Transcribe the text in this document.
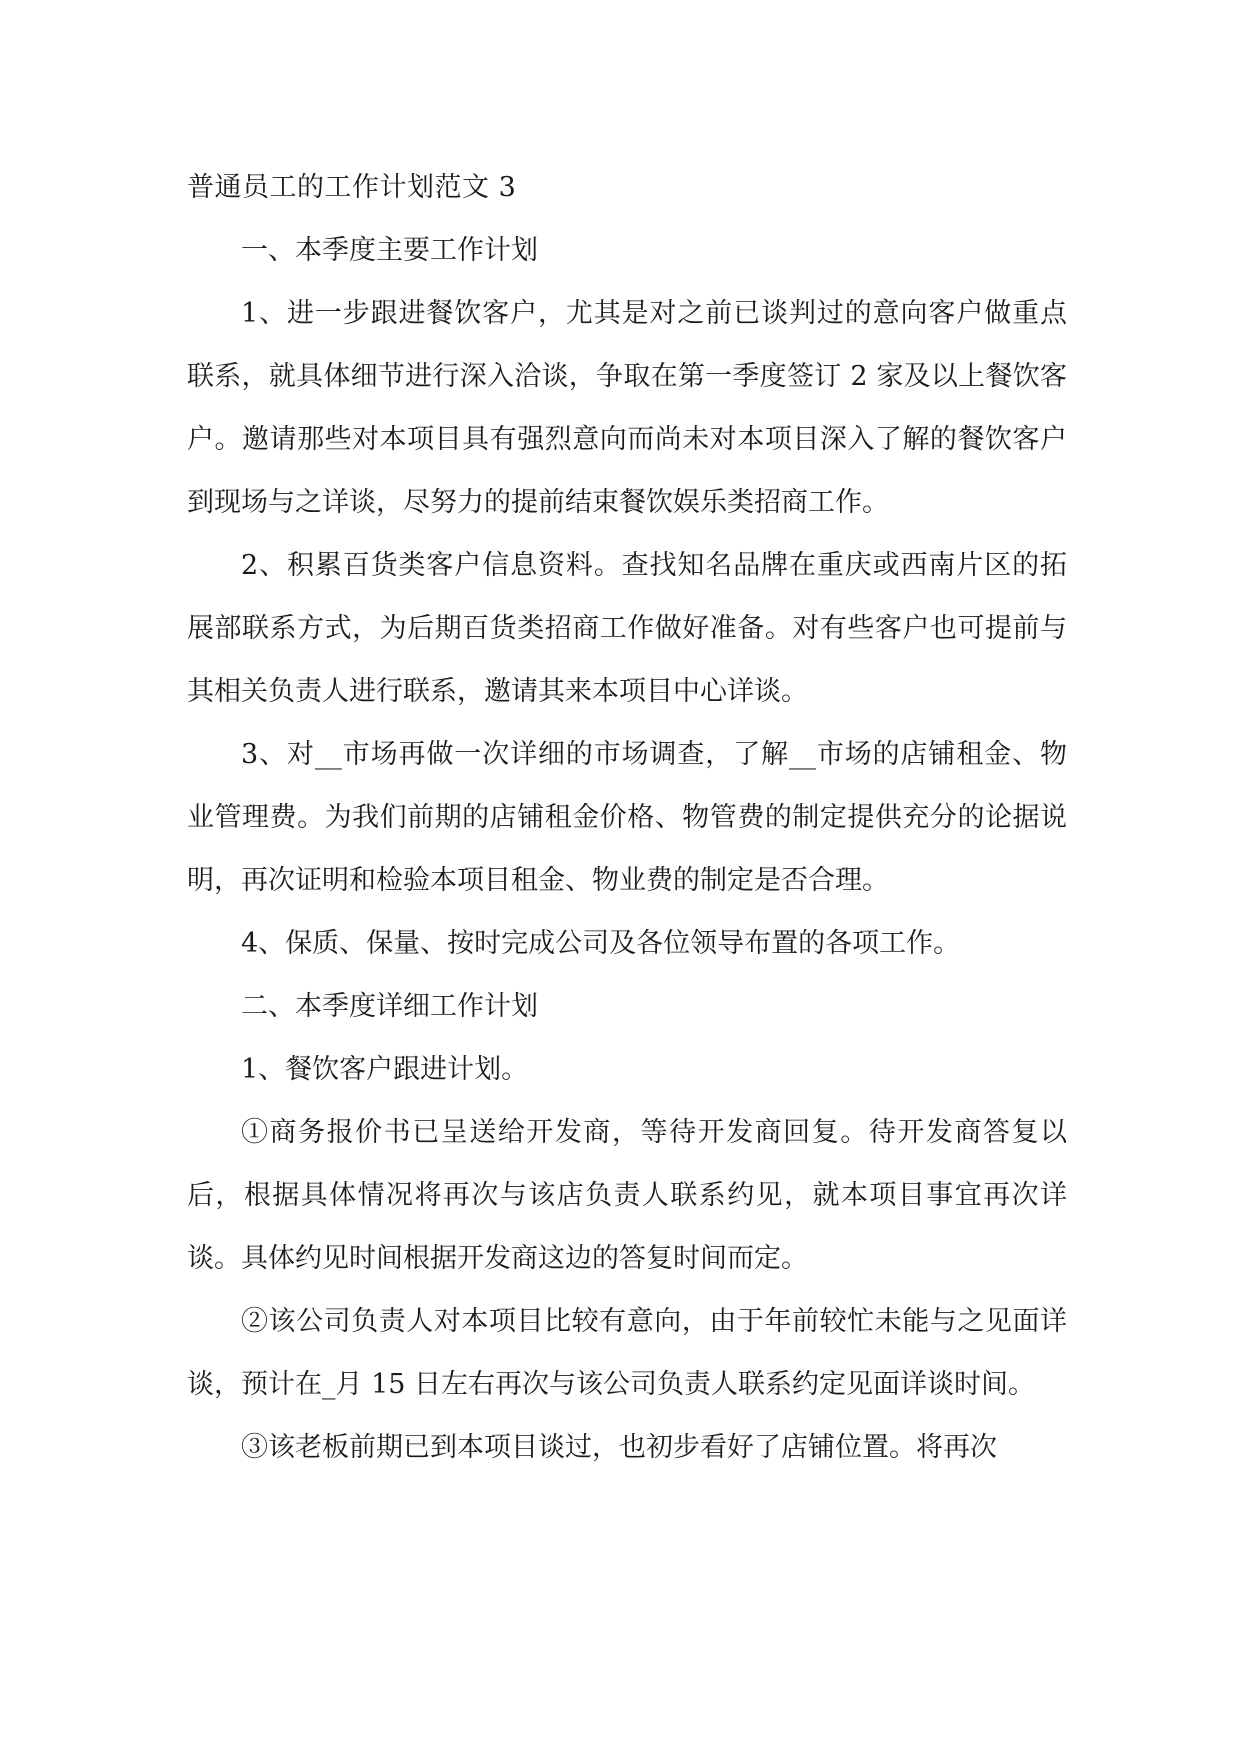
普通员工的工作计划范文 3

一、本季度主要工作计划

1、进一步跟进餐饮客户，尤其是对之前已谈判过的意向客户做重点联系，就具体细节进行深入洽谈，争取在第一季度签订 2 家及以上餐饮客户。邀请那些对本项目具有强烈意向而尚未对本项目深入了解的餐饮客户到现场与之详谈，尽努力的提前结束餐饮娱乐类招商工作。

2、积累百货类客户信息资料。查找知名品牌在重庆或西南片区的拓展部联系方式，为后期百货类招商工作做好准备。对有些客户也可提前与其相关负责人进行联系，邀请其来本项目中心详谈。

3、对__市场再做一次详细的市场调查，了解__市场的店铺租金、物业管理费。为我们前期的店铺租金价格、物管费的制定提供充分的论据说明，再次证明和检验本项目租金、物业费的制定是否合理。

4、保质、保量、按时完成公司及各位领导布置的各项工作。

二、本季度详细工作计划

1、餐饮客户跟进计划。

①商务报价书已呈送给开发商，等待开发商回复。待开发商答复以后，根据具体情况将再次与该店负责人联系约见，就本项目事宜再次详谈。具体约见时间根据开发商这边的答复时间而定。

②该公司负责人对本项目比较有意向，由于年前较忙未能与之见面详谈，预计在_月 15 日左右再次与该公司负责人联系约定见面详谈时间。

③该老板前期已到本项目谈过，也初步看好了店铺位置。将再次
